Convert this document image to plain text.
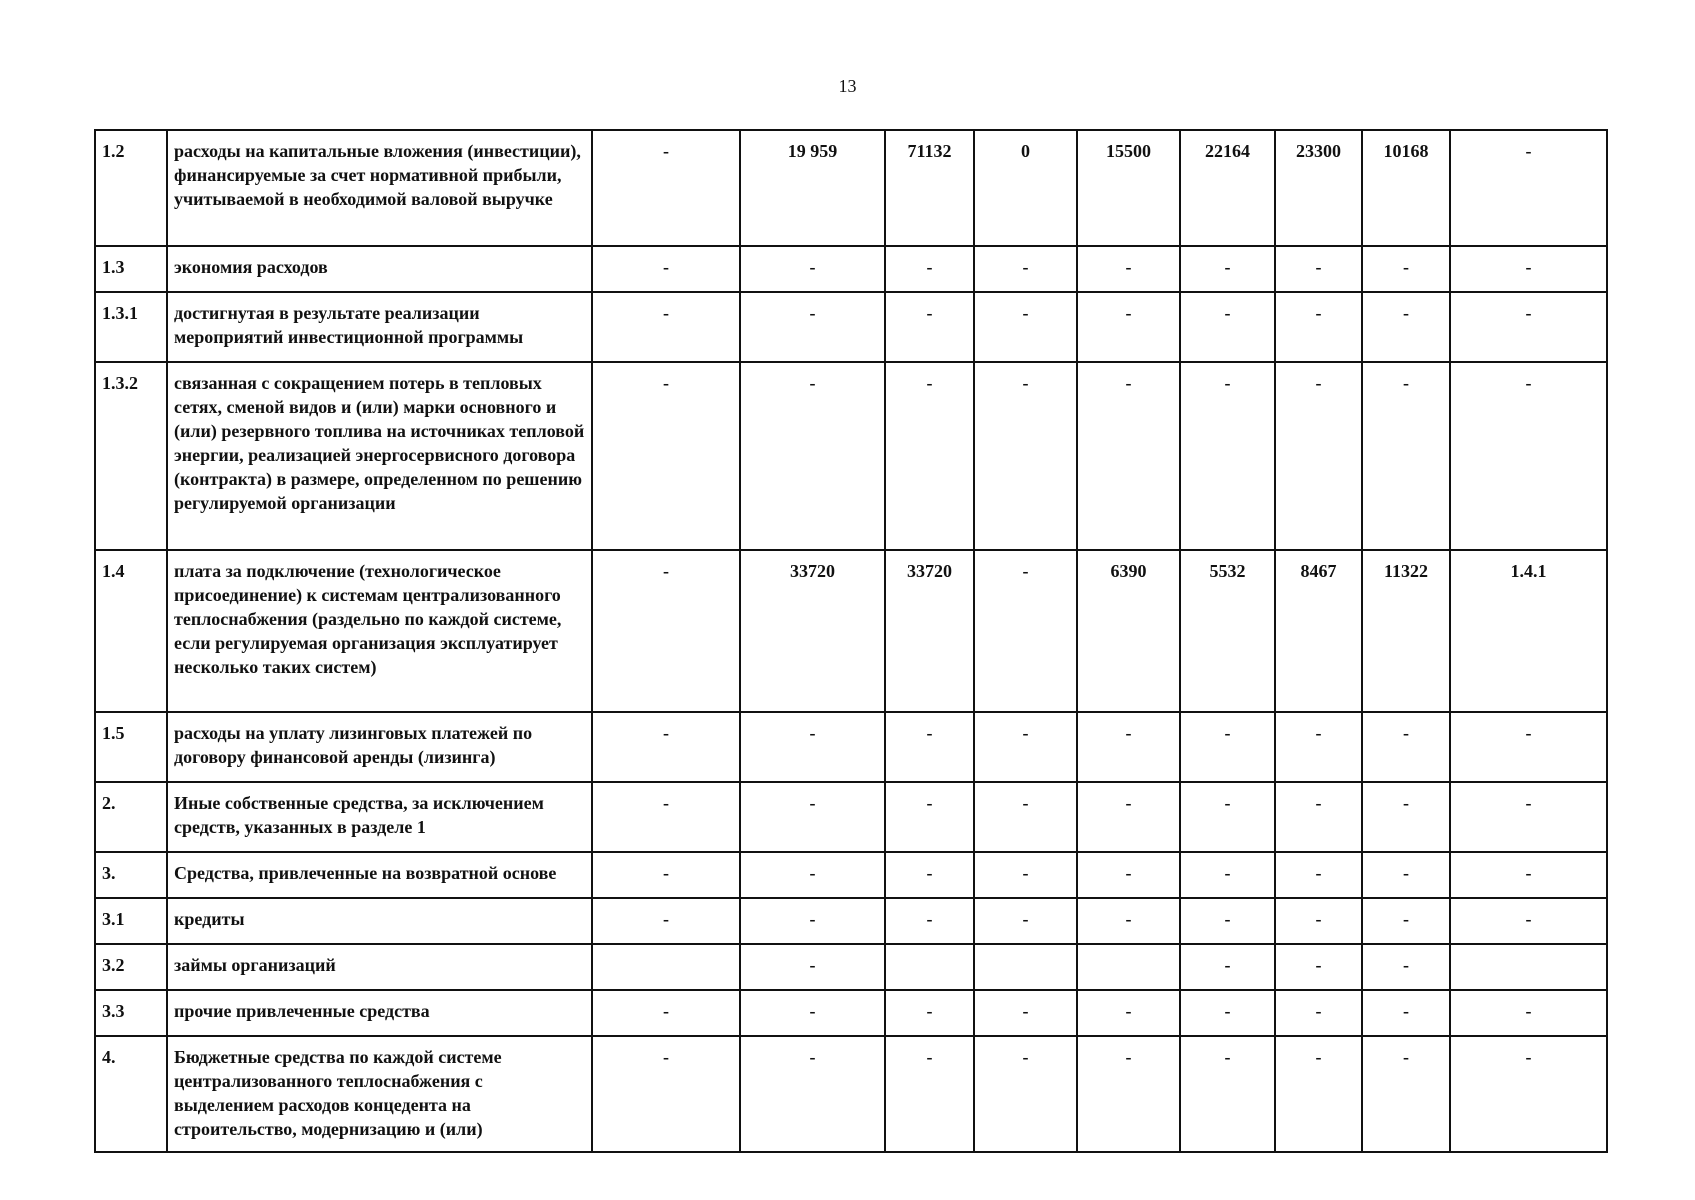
13
1.2	расходы на капитальные вложения (инвестиции), финансируемые за счет нормативной прибыли, учитываемой в необходимой валовой выручке	-	19 959	71132	0	15500	22164	23300	10168	-
1.3	экономия расходов	-	-	-	-	-	-	-	-	-
1.3.1	достигнутая в результате реализации мероприятий инвестиционной программы	-	-	-	-	-	-	-	-	-
1.3.2	связанная с сокращением потерь в тепловых сетях, сменой видов и (или) марки основного и (или) резервного топлива на источниках тепловой энергии, реализацией энергосервисного договора (контракта) в размере, определенном по решению регулируемой организации	-	-	-	-	-	-	-	-	-
1.4	плата за подключение (технологическое присоединение) к системам централизованного теплоснабжения (раздельно по каждой системе, если регулируемая организация эксплуатирует несколько таких систем)	-	33720	33720	-	6390	5532	8467	11322	1.4.1
1.5	расходы на уплату лизинговых платежей по договору финансовой аренды (лизинга)	-	-	-	-	-	-	-	-	-
2.	Иные собственные средства, за исключением средств, указанных в разделе 1	-	-	-	-	-	-	-	-	-
3.	Средства, привлеченные на возвратной основе	-	-	-	-	-	-	-	-	-
3.1	кредиты	-	-	-	-	-	-	-	-	-
3.2	займы организаций		-				-	-	-	
3.3	прочие привлеченные средства	-	-	-	-	-	-	-	-	-
4.	Бюджетные средства по каждой системе централизованного теплоснабжения с выделением расходов концедента на строительство, модернизацию и (или)	-	-	-	-	-	-	-	-	-
